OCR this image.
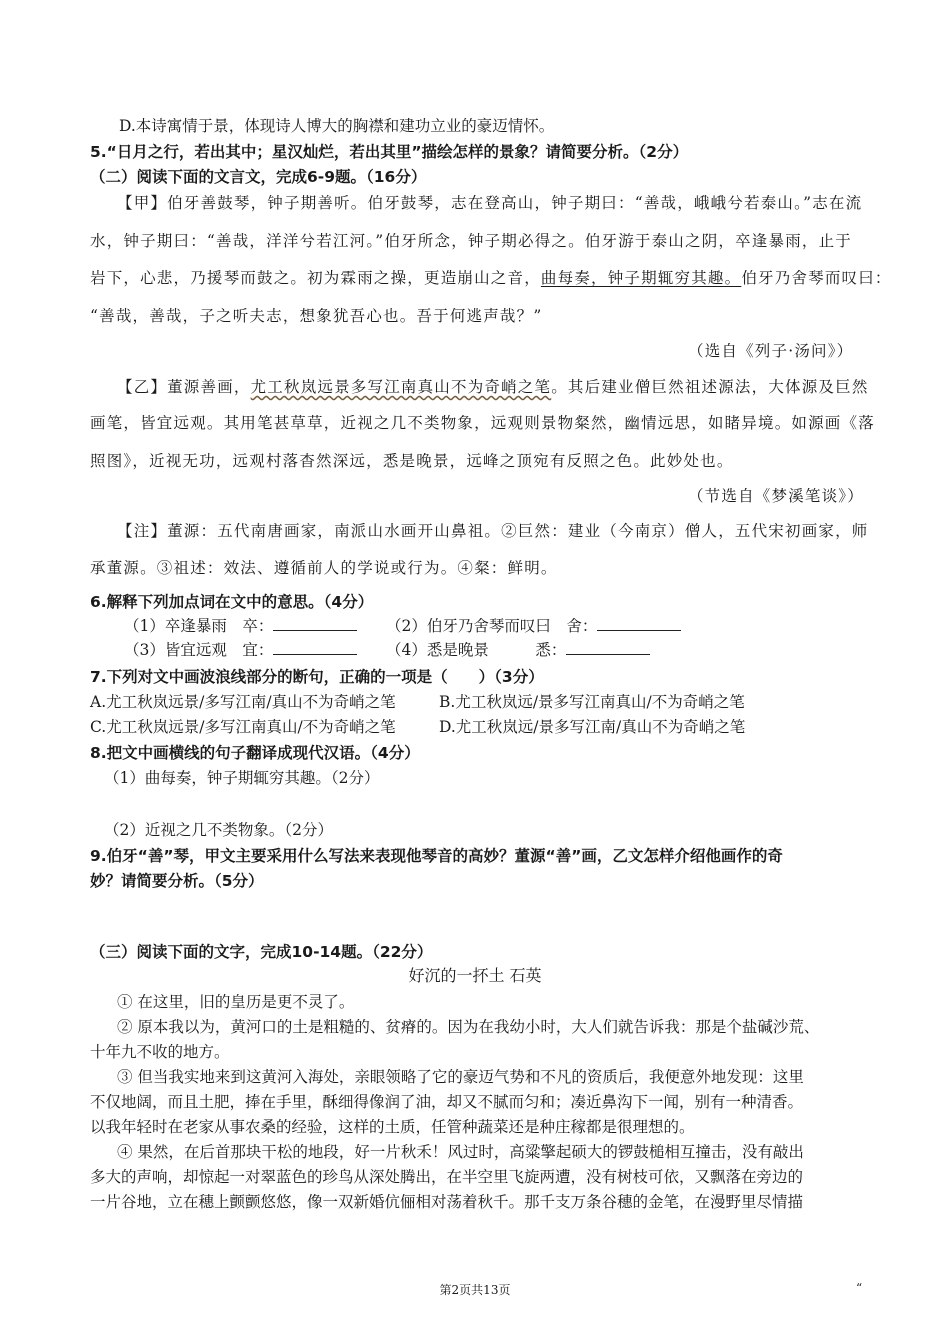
D.本诗寓情于景，体现诗人博大的胸襟和建功立业的豪迈情怀。
5.“日月之行，若出其中；星汉灿烂，若出其里”描绘怎样的景象？请简要分析。（2分）
（二）阅读下面的文言文，完成6-9题。（16分）
【甲】伯牙善鼓琴，钟子期善听。伯牙鼓琴，志在登高山，钟子期曰：“善哉，峨峨兮若泰山。”志在流
水，钟子期曰：“善哉，洋洋兮若江河。”伯牙所念，钟子期必得之。伯牙游于泰山之阴，卒逢暴雨，止于
岩下，心悲，乃援琴而鼓之。初为霖雨之操，更造崩山之音，曲每奏，钟子期辄穷其趣。伯牙乃舍琴而叹曰：
“善哉，善哉，子之听夫志，想象犹吾心也。吾于何逃声哉？”
（选自《列子·汤问》）
【乙】董源善画，尤工秋岚远景多写江南真山不为奇峭之笔。其后建业僧巨然祖述源法，大体源及巨然
画笔，皆宜远观。其用笔甚草草，近视之几不类物象，远观则景物粲然，幽情远思，如睹异境。如源画《落
照图》，近视无功，远观村落杳然深远，悉是晚景，远峰之顶宛有反照之色。此妙处也。
（节选自《梦溪笔谈》）
【注】董源：五代南唐画家，南派山水画开山鼻祖。②巨然：建业（今南京）僧人，五代宋初画家，师
承董源。③祖述：效法、遵循前人的学说或行为。④粲：鲜明。
6.解释下列加点词在文中的意思。（4分）
（1）卒逢暴雨　卒：	（2）伯牙乃舍琴而叹曰　舍：
（3）皆宜远观　宜：	（4）悉是晚景　　　悉：
7.下列对文中画波浪线部分的断句，正确的一项是（　　）（3分）
A.尤工秋岚远景/多写江南/真山不为奇峭之笔	B.尤工秋岚远/景多写江南真山/不为奇峭之笔
C.尤工秋岚远景/多写江南真山/不为奇峭之笔	D.尤工秋岚远/景多写江南/真山不为奇峭之笔
8.把文中画横线的句子翻译成现代汉语。（4分）
（1）曲每奏，钟子期辄穷其趣。（2分）
（2）近视之几不类物象。（2分）
9.伯牙“善”琴，甲文主要采用什么写法来表现他琴音的高妙？董源“善”画，乙文怎样介绍他画作的奇
妙？请简要分析。（5分）
（三）阅读下面的文字，完成10-14题。（22分）
好沉的一抔土 石英
① 在这里，旧的皇历是更不灵了。
② 原本我以为，黄河口的土是粗糙的、贫瘠的。因为在我幼小时，大人们就告诉我：那是个盐碱沙荒、
十年九不收的地方。
③ 但当我实地来到这黄河入海处，亲眼领略了它的豪迈气势和不凡的资质后，我便意外地发现：这里
不仅地阔，而且土肥，捧在手里，酥细得像润了油，却又不腻而匀和；凑近鼻沟下一闻，别有一种清香。
以我年轻时在老家从事农桑的经验，这样的土质，任管种蔬菜还是种庄稼都是很理想的。
④ 果然，在后首那块干松的地段，好一片秋禾！风过时，高粱擎起硕大的锣鼓槌相互撞击，没有敲出
多大的声响，却惊起一对翠蓝色的珍鸟从深处腾出，在半空里飞旋两遭，没有树枝可依，又飘落在旁边的
一片谷地，立在穗上颤颤悠悠，像一双新婚伉俪相对荡着秋千。那千支万条谷穗的金笔，在漫野里尽情描
第2页共13页	“
